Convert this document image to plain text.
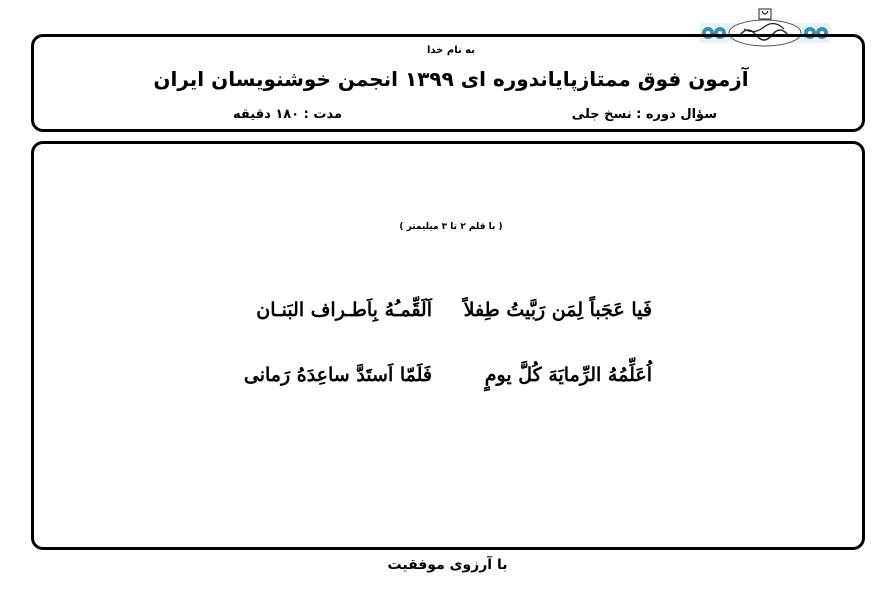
به نام خدا
آزمون فوق ممتازپایاندوره ای ۱۳۹۹ انجمن خوشنویسان ایران
سؤال دوره : نسخ جلی
مدت : ۱۸۰ دقیقه
( با قلم ۲ تا ۳ میلیمتر )
فَیا عَجَباً لِمَن رَبَّیتُ طِفلاً
اَلَقِّمـُهُ بِاَطـراف البَنـان
اُعَلِّمُهُ الرِّمایَهَ کُلَّ یومٍ
فَلَمّا اَستَدَّ ساعِدَهُ رَمانی
با آرزوی موفقیت
